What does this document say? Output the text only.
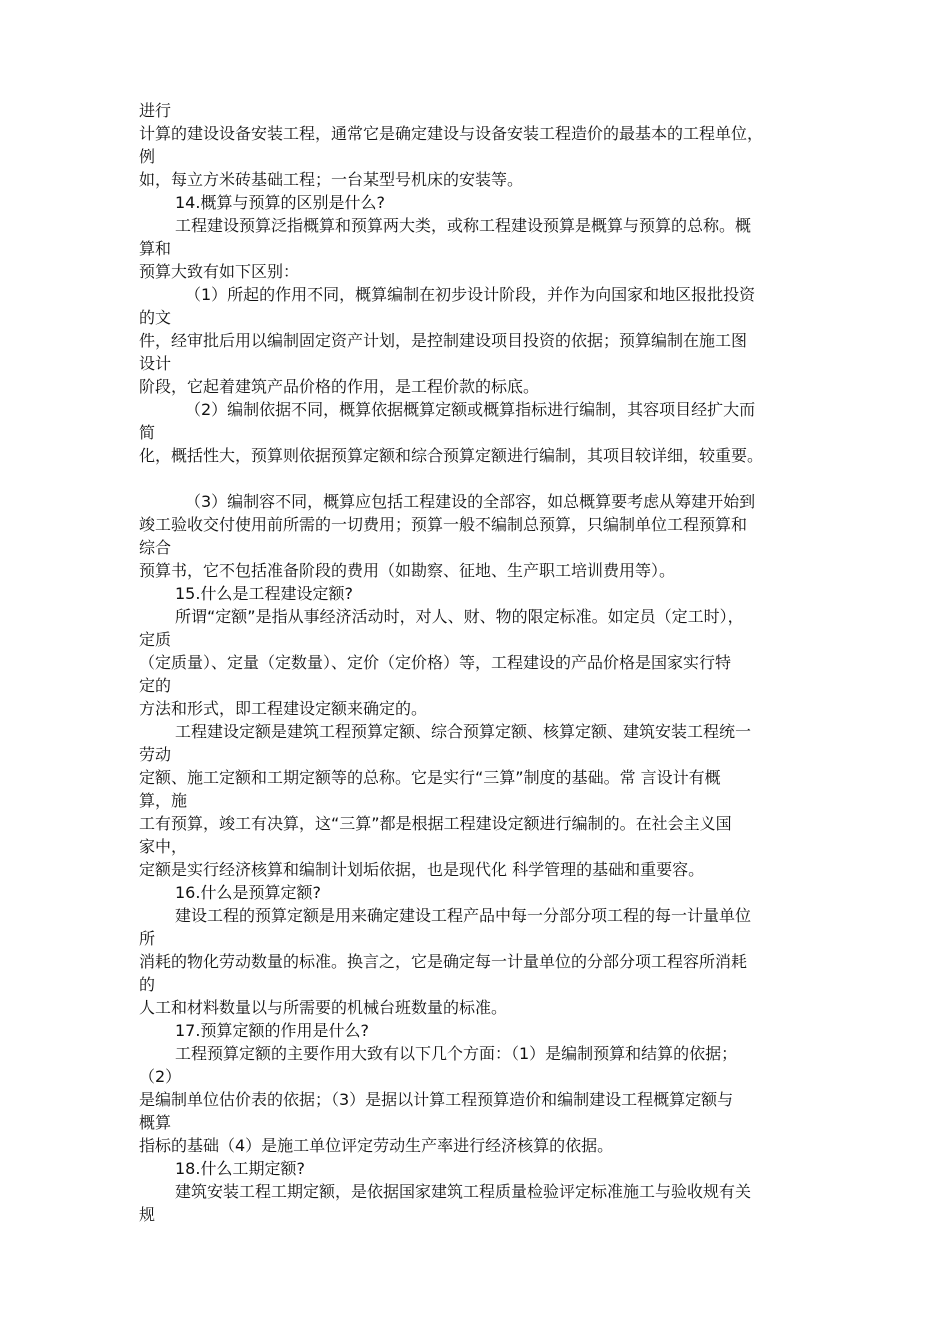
进行
计算的建设设备安装工程，通常它是确定建设与设备安装工程造价的最基本的工程单位，
例
如，每立方米砖基础工程；一台某型号机床的安装等。
14.概算与预算的区别是什么?
工程建设预算泛指概算和预算两大类，或称工程建设预算是概算与预算的总称。概
算和
预算大致有如下区别：
（1）所起的作用不同，概算编制在初步设计阶段，并作为向国家和地区报批投资
的文
件，经审批后用以编制固定资产计划，是控制建设项目投资的依据；预算编制在施工图
设计
阶段，它起着建筑产品价格的作用，是工程价款的标底。
（2）编制依据不同，概算依据概算定额或概算指标进行编制，其容项目经扩大而
简
化，概括性大，预算则依据预算定额和综合预算定额进行编制，其项目较详细，较重要。
（3）编制容不同，概算应包括工程建设的全部容，如总概算要考虑从筹建开始到
竣工验收交付使用前所需的一切费用；预算一般不编制总预算，只编制单位工程预算和
综合
预算书，它不包括准备阶段的费用（如勘察、征地、生产职工培训费用等）。
15.什么是工程建设定额?
所谓“定额”是指从事经济活动时，对人、财、物的限定标准。如定员（定工时），
定质
（定质量）、定量（定数量）、定价（定价格）等，工程建设的产品价格是国家实行特
定的
方法和形式，即工程建设定额来确定的。
工程建设定额是建筑工程预算定额、综合预算定额、核算定额、建筑安装工程统一
劳动
定额、施工定额和工期定额等的总称。它是实行“三算”制度的基础。常 言设计有概
算，施
工有预算，竣工有决算，这“三算”都是根据工程建设定额进行编制的。在社会主义国
家中，
定额是实行经济核算和编制计划垢依据，也是现代化 科学管理的基础和重要容。
16.什么是预算定额?
建设工程的预算定额是用来确定建设工程产品中每一分部分项工程的每一计量单位
所
消耗的物化劳动数量的标准。换言之，它是确定每一计量单位的分部分项工程容所消耗
的
人工和材料数量以与所需要的机械台班数量的标准。
17.预算定额的作用是什么?
工程预算定额的主要作用大致有以下几个方面：（1）是编制预算和结算的依据；
（2）
是编制单位估价表的依据；（3）是据以计算工程预算造价和编制建设工程概算定额与
概算
指标的基础（4）是施工单位评定劳动生产率进行经济核算的依据。
18.什么工期定额?
建筑安装工程工期定额，是依据国家建筑工程质量检验评定标准施工与验收规有关
规
